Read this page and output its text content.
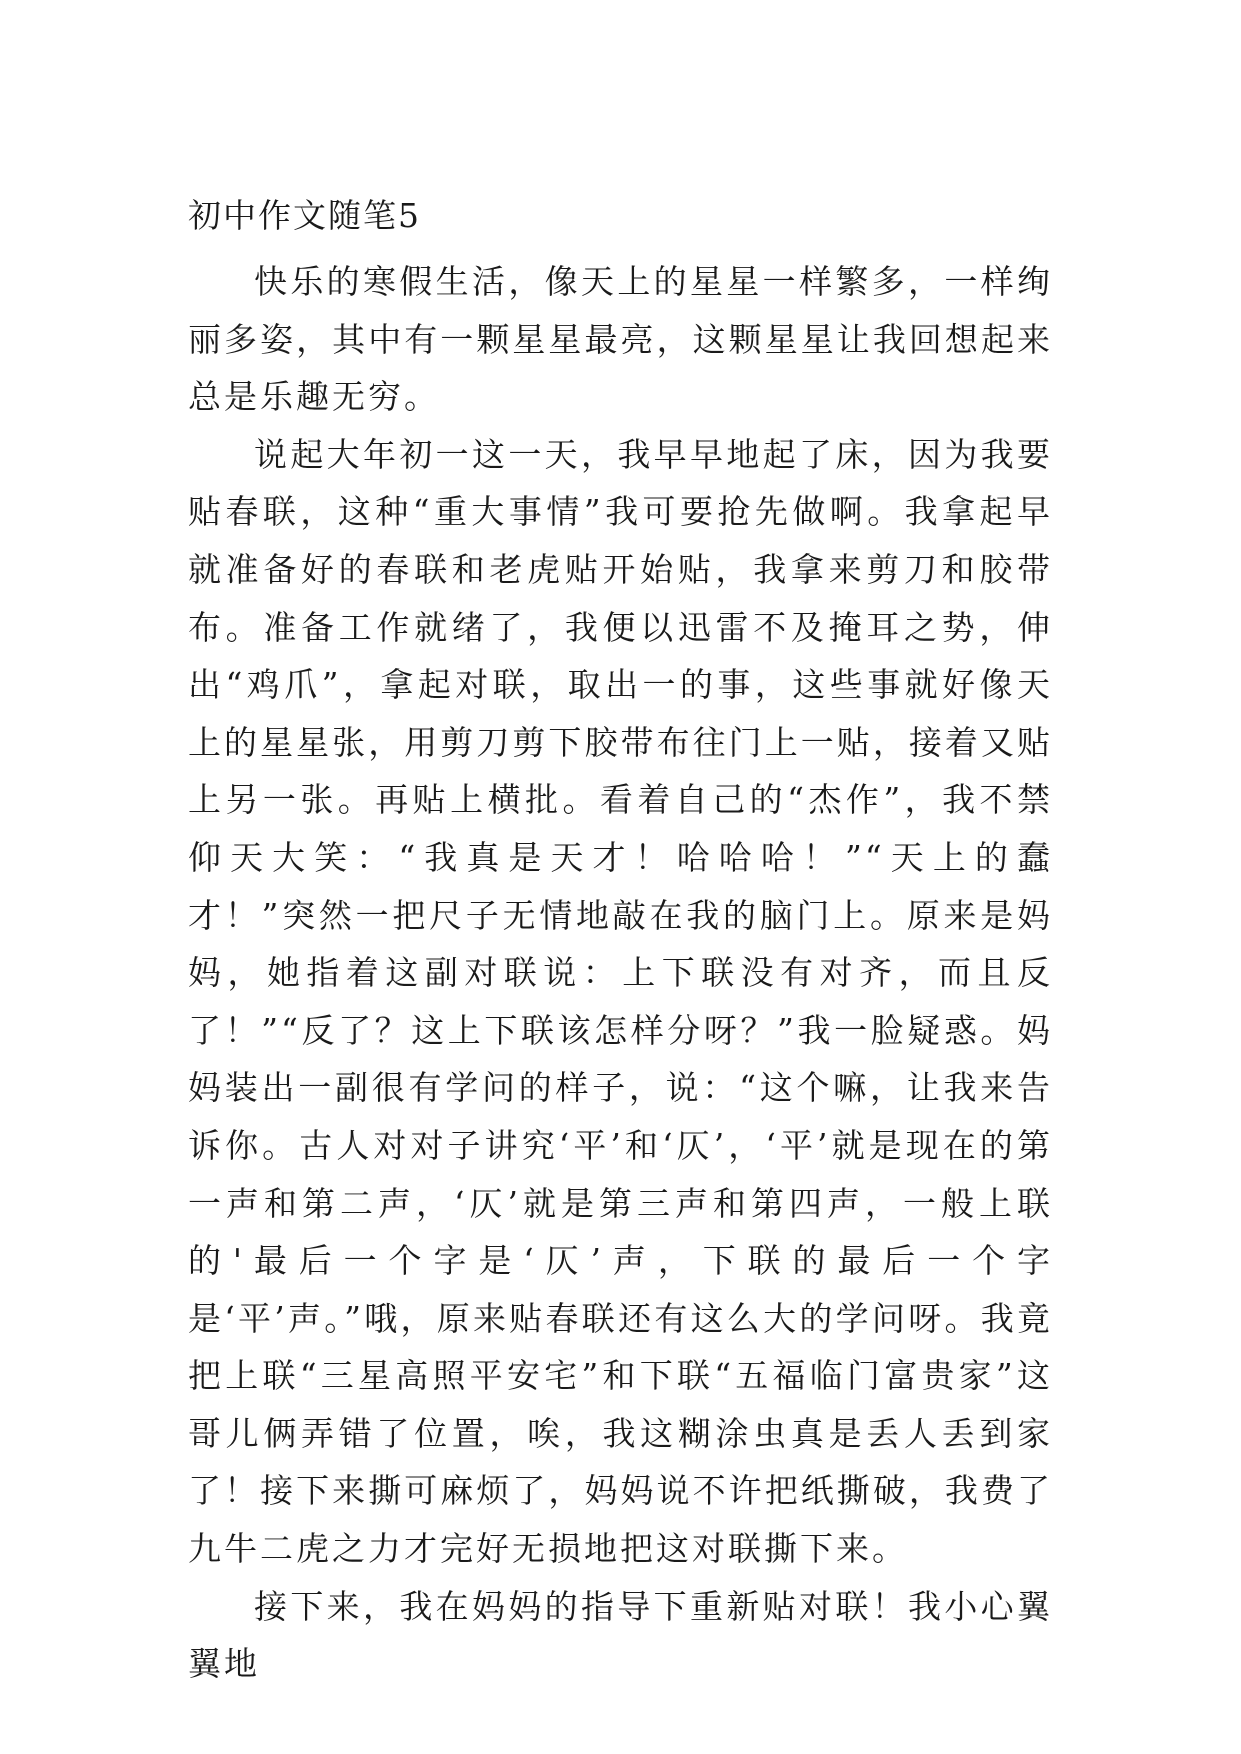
初中作文随笔5

快乐的寒假生活，像天上的星星一样繁多，一样绚丽多姿，其中有一颗星星最亮，这颗星星让我回想起来总是乐趣无穷。

说起大年初一这一天，我早早地起了床，因为我要贴春联，这种“重大事情”我可要抢先做啊。我拿起早就准备好的春联和老虎贴开始贴，我拿来剪刀和胶带布。准备工作就绪了，我便以迅雷不及掩耳之势，伸出“鸡爪”，拿起对联，取出一的事，这些事就好像天上的星星张，用剪刀剪下胶带布往门上一贴，接着又贴上另一张。再贴上横批。看着自己的“杰作”，我不禁仰天大笑：“我真是天才！哈哈哈！”“天上的蠢才！”突然一把尺子无情地敲在我的脑门上。原来是妈妈，她指着这副对联说：上下联没有对齐，而且反了！”“反了？这上下联该怎样分呀？”我一脸疑惑。妈妈装出一副很有学问的样子，说：“这个嘛，让我来告诉你。古人对对子讲究‘平’和‘仄’，‘平’就是现在的第一声和第二声，‘仄’就是第三声和第四声，一般上联的'最后一个字是‘仄’声，下联的最后一个字是‘平’声。”哦，原来贴春联还有这么大的学问呀。我竟把上联“三星高照平安宅”和下联“五福临门富贵家”这哥儿俩弄错了位置，唉，我这糊涂虫真是丢人丢到家了！接下来撕可麻烦了，妈妈说不许把纸撕破，我费了九牛二虎之力才完好无损地把这对联撕下来。

接下来，我在妈妈的指导下重新贴对联！我小心翼翼地
